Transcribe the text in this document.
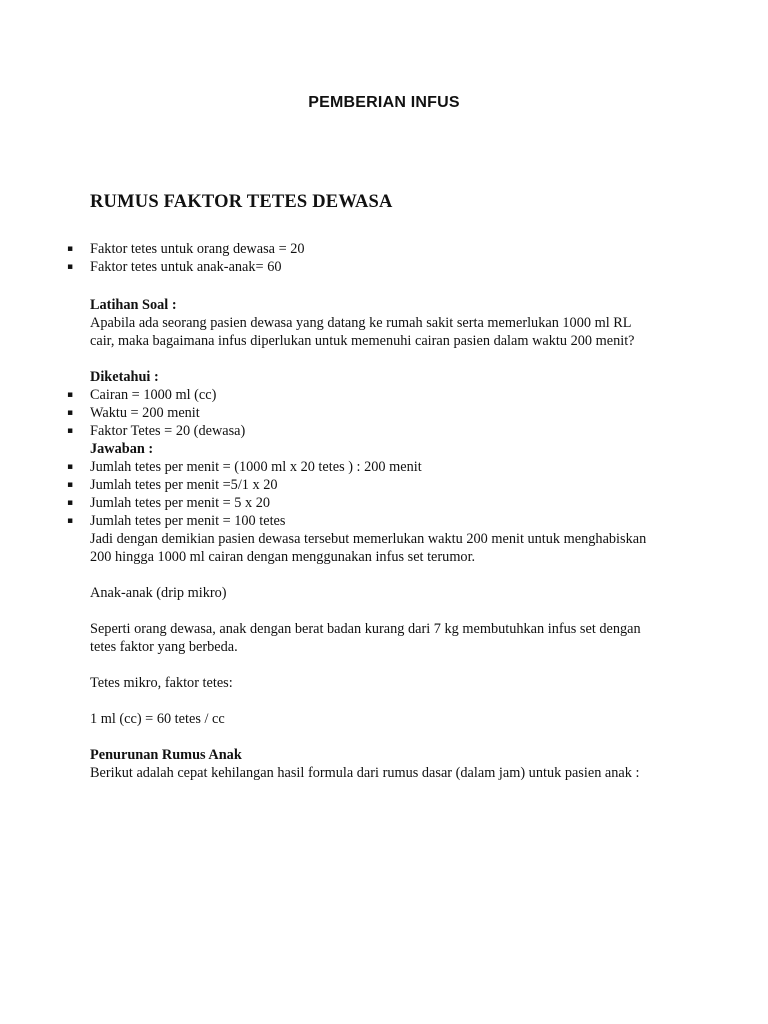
PEMBERIAN INFUS
RUMUS FAKTOR TETES DEWASA
▪ Faktor tetes untuk orang dewasa = 20
▪ Faktor tetes untuk anak-anak= 60
Latihan Soal :
Apabila ada seorang pasien dewasa yang datang ke rumah sakit serta memerlukan 1000 ml RL
cair, maka bagaimana infus diperlukan untuk memenuhi cairan pasien dalam waktu 200 menit?
Diketahui :
▪ Cairan = 1000 ml (cc)
▪ Waktu = 200 menit
▪ Faktor Tetes = 20 (dewasa)
Jawaban :
▪ Jumlah tetes per menit = (1000 ml x 20 tetes ) : 200 menit
▪ Jumlah tetes per menit =5/1 x 20
▪ Jumlah tetes per menit = 5 x 20
▪ Jumlah tetes per menit = 100 tetes
Jadi dengan demikian pasien dewasa tersebut memerlukan waktu 200 menit untuk menghabiskan
200 hingga 1000 ml cairan dengan menggunakan infus set terumor.
Anak-anak (drip mikro)
Seperti orang dewasa, anak dengan berat badan kurang dari 7 kg membutuhkan infus set dengan
tetes faktor yang berbeda.
Tetes mikro, faktor tetes:
1 ml (cc) = 60 tetes / cc
Penurunan Rumus Anak
Berikut adalah cepat kehilangan hasil formula dari rumus dasar (dalam jam) untuk pasien anak :
